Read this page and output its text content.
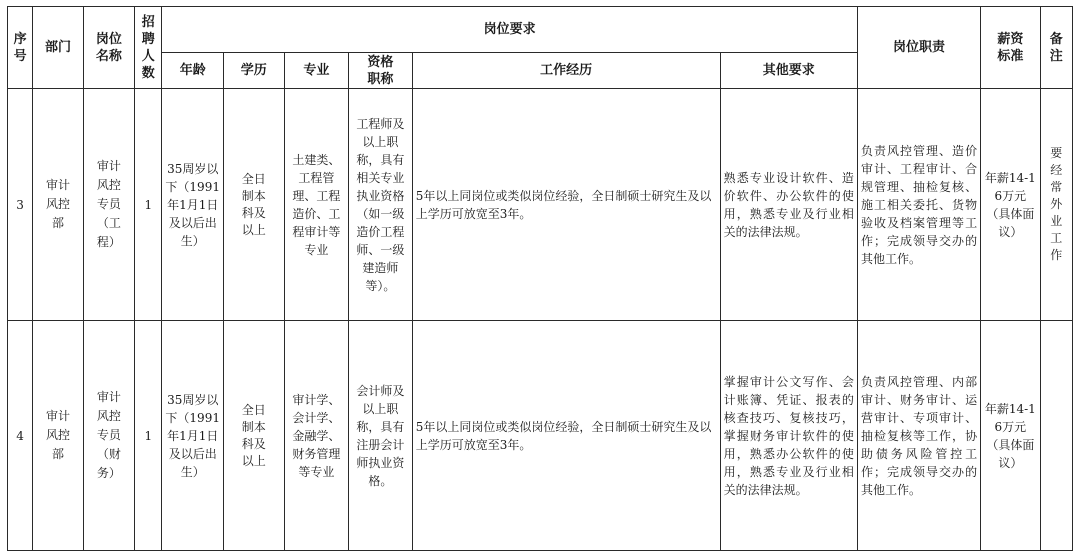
序号	部门	岗位名称	招聘人数	岗位要求						岗位职责	薪资标准	备注
				年龄	学历	专业	资格职称	工作经历	其他要求			
3	审计风控部	审计风控专员（工程）	1	35周岁以下（1991年1月1日及以后出生）	全日制本科及以上	土建类、工程管理、工程造价、工程审计等专业	工程师及以上职称，具有相关专业执业资格（如一级造价工程师、一级建造师等）。	5年以上同岗位或类似岗位经验，全日制硕士研究生及以上学历可放宽至3年。	熟悉专业设计软件、造价软件、办公软件的使用，熟悉专业及行业相关的法律法规。	负责风控管理、造价审计、工程审计、合规管理、抽检复核、施工相关委托、货物验收及档案管理等工作；完成领导交办的其他工作。	年薪14-16万元（具体面议）	要经常外业工作
4	审计风控部	审计风控专员（财务）	1	35周岁以下（1991年1月1日及以后出生）	全日制本科及以上	审计学、会计学、金融学、财务管理等专业	会计师及以上职称，具有注册会计师执业资格。	5年以上同岗位或类似岗位经验，全日制硕士研究生及以上学历可放宽至3年。	掌握审计公文写作、会计账簿、凭证、报表的核查技巧、复核技巧，掌握财务审计软件的使用，熟悉办公软件的使用，熟悉专业及行业相关的法律法规。	负责风控管理、内部审计、财务审计、运营审计、专项审计、抽检复核等工作，协助债务风险管控工作；完成领导交办的其他工作。	年薪14-16万元（具体面议）	
